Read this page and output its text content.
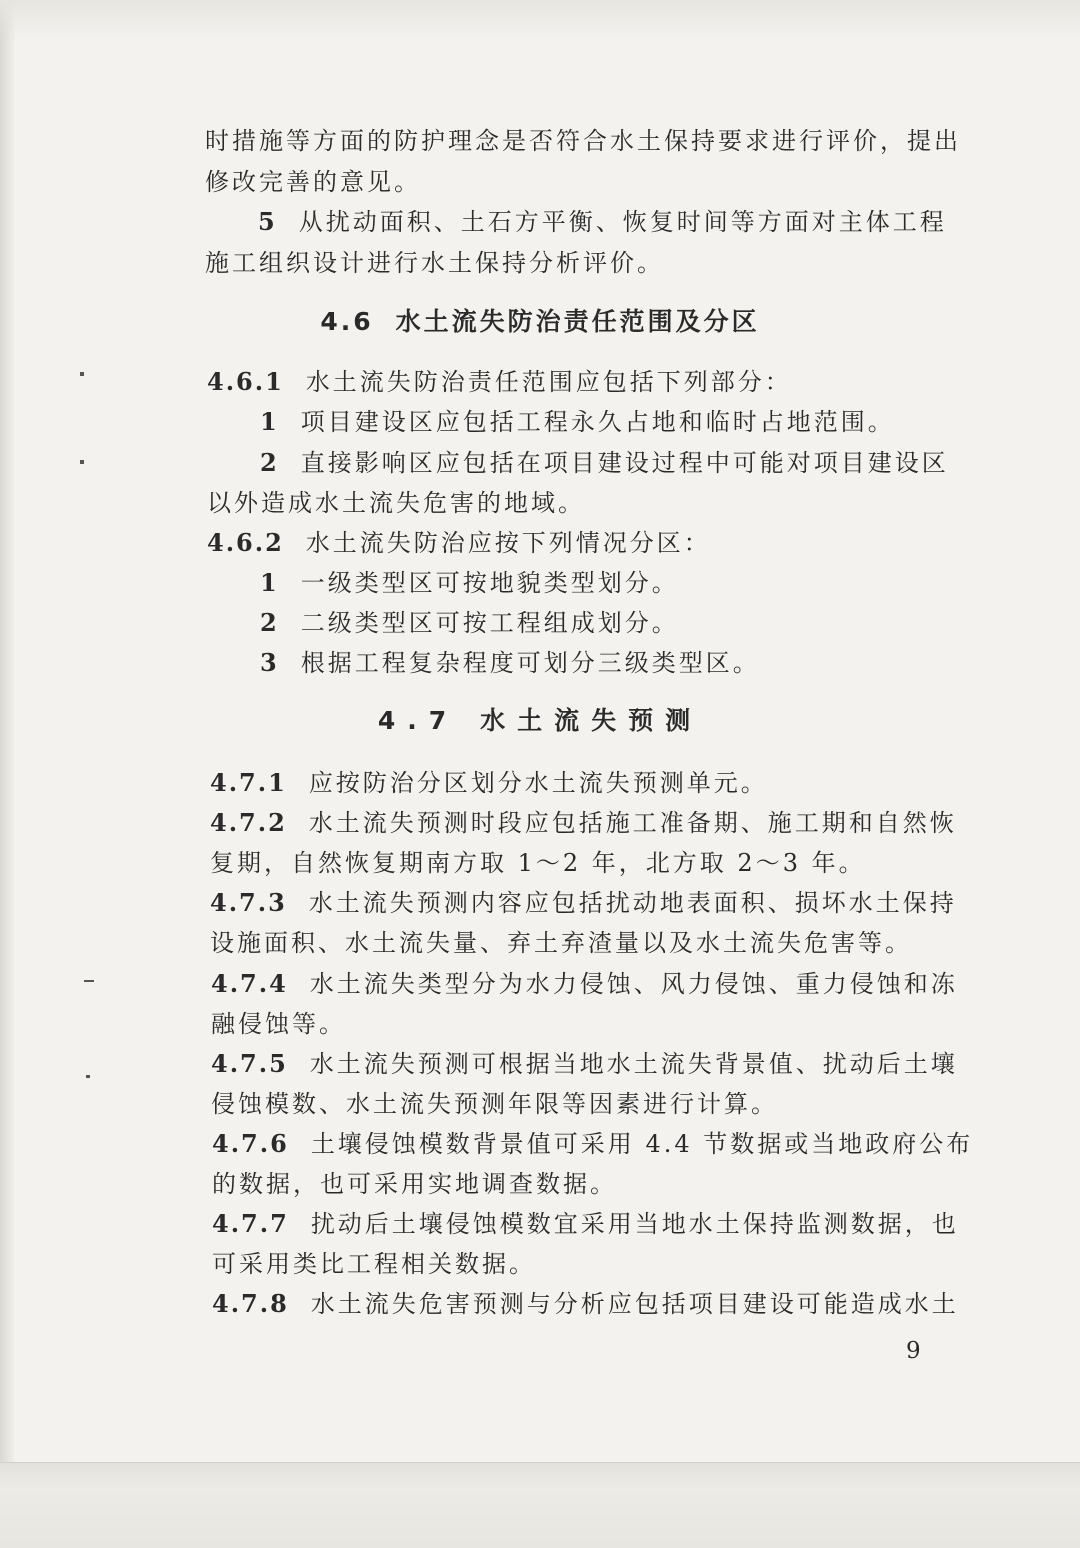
时措施等方面的防护理念是否符合水土保持要求进行评价，提出
修改完善的意见。
5 从扰动面积、土石方平衡、恢复时间等方面对主体工程
施工组织设计进行水土保持分析评价。
4.6 水土流失防治责任范围及分区
4.6.1 水土流失防治责任范围应包括下列部分：
1 项目建设区应包括工程永久占地和临时占地范围。
2 直接影响区应包括在项目建设过程中可能对项目建设区
以外造成水土流失危害的地域。
4.6.2 水土流失防治应按下列情况分区：
1 一级类型区可按地貌类型划分。
2 二级类型区可按工程组成划分。
3 根据工程复杂程度可划分三级类型区。
4.7 水土流失预测
4.7.1 应按防治分区划分水土流失预测单元。
4.7.2 水土流失预测时段应包括施工准备期、施工期和自然恢
复期，自然恢复期南方取 1～2 年，北方取 2～3 年。
4.7.3 水土流失预测内容应包括扰动地表面积、损坏水土保持
设施面积、水土流失量、弃土弃渣量以及水土流失危害等。
4.7.4 水土流失类型分为水力侵蚀、风力侵蚀、重力侵蚀和冻
融侵蚀等。
4.7.5 水土流失预测可根据当地水土流失背景值、扰动后土壤
侵蚀模数、水土流失预测年限等因素进行计算。
4.7.6 土壤侵蚀模数背景值可采用 4.4 节数据或当地政府公布
的数据，也可采用实地调查数据。
4.7.7 扰动后土壤侵蚀模数宜采用当地水土保持监测数据，也
可采用类比工程相关数据。
4.7.8 水土流失危害预测与分析应包括项目建设可能造成水土
9
